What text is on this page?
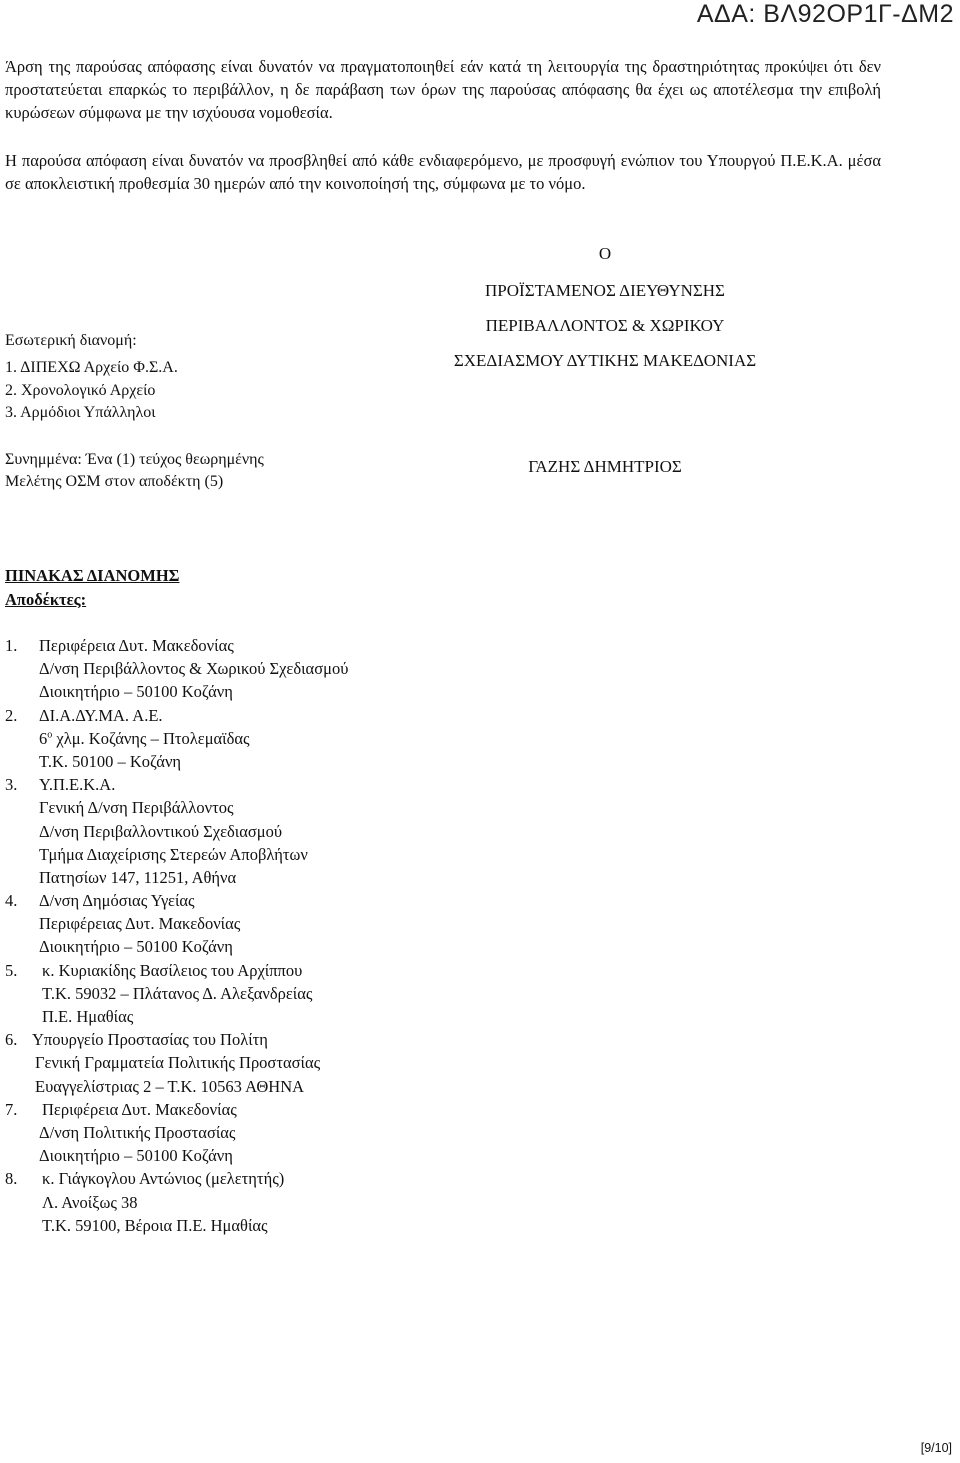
ΑΔΑ: ΒΛ92ΟΡ1Γ-ΔΜ2
Άρση της παρούσας απόφασης είναι δυνατόν να πραγματοποιηθεί εάν κατά τη λειτουργία της δραστηριότητας προκύψει ότι δεν προστατεύεται επαρκώς το περιβάλλον, η δε παράβαση των όρων της παρούσας απόφασης θα έχει ως αποτέλεσμα την επιβολή κυρώσεων σύμφωνα με την ισχύουσα νομοθεσία.
Η παρούσα απόφαση είναι δυνατόν να προσβληθεί από κάθε ενδιαφερόμενο, με προσφυγή ενώπιον του Υπουργού Π.Ε.Κ.Α. μέσα σε αποκλειστική προθεσμία 30 ημερών από την κοινοποίησή της, σύμφωνα με το νόμο.
Ο
ΠΡΟΪΣΤΑΜΕΝΟΣ ΔΙΕΥΘΥΝΣΗΣ
ΠΕΡΙΒΑΛΛΟΝΤΟΣ & ΧΩΡΙΚΟΥ
ΣΧΕΔΙΑΣΜΟΥ ΔΥΤΙΚΗΣ ΜΑΚΕΔΟΝΙΑΣ
Εσωτερική διανομή:
1. ΔΙΠΕΧΩ Αρχείο Φ.Σ.Α.
2. Χρονολογικό Αρχείο
3. Αρμόδιοι Υπάλληλοι
Συνημμένα: Ένα (1) τεύχος θεωρημένης
Μελέτης ΟΣΜ στον αποδέκτη (5)
ΓΑΖΗΣ ΔΗΜΗΤΡΙΟΣ
ΠΙΝΑΚΑΣ ΔΙΑΝΟΜΗΣ
Αποδέκτες:
1. Περιφέρεια Δυτ. Μακεδονίας
Δ/νση Περιβάλλοντος & Χωρικού Σχεδιασμού
Διοικητήριο – 50100 Κοζάνη
2. ΔΙ.Α.ΔΥ.ΜΑ. Α.Ε.
$6^o$ χλμ. Κοζάνης – Πτολεμαϊδας
Τ.Κ. 50100 – Κοζάνη
3. Υ.Π.Ε.Κ.Α.
Γενική Δ/νση Περιβάλλοντος
Δ/νση Περιβαλλοντικού Σχεδιασμού
Τμήμα Διαχείρισης Στερεών Αποβλήτων
Πατησίων 147, 11251, Αθήνα
4. Δ/νση Δημόσιας Υγείας
Περιφέρειας Δυτ. Μακεδονίας
Διοικητήριο – 50100 Κοζάνη
5. κ. Κυριακίδης Βασίλειος του Αρχίππου
Τ.Κ. 59032 – Πλάτανος Δ. Αλεξανδρείας
Π.Ε. Ημαθίας
6. Υπουργείο Προστασίας του Πολίτη
Γενική Γραμματεία Πολιτικής Προστασίας
Ευαγγελίστριας 2 – Τ.Κ. 10563 ΑΘΗΝΑ
7. Περιφέρεια Δυτ. Μακεδονίας
Δ/νση Πολιτικής Προστασίας
Διοικητήριο – 50100 Κοζάνη
8. κ. Γιάγκογλου Αντώνιος (μελετητής)
Λ. Ανοίξως 38
Τ.Κ. 59100, Βέροια Π.Ε. Ημαθίας
[9/10]
